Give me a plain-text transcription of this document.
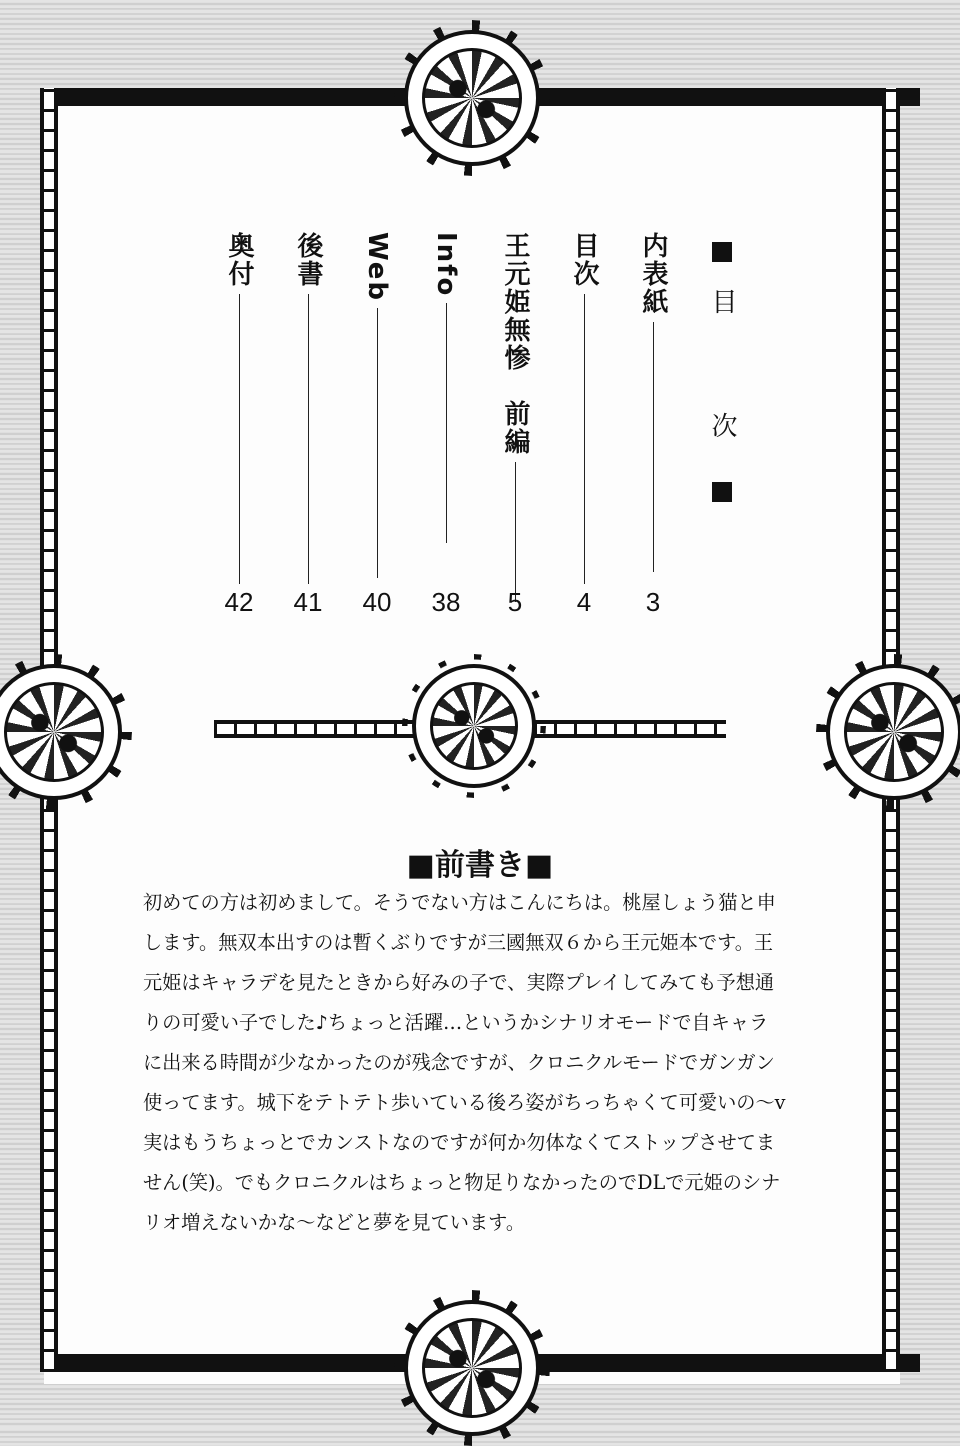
目　次
内表紙
3
目次
4
王元姫無惨　前編
5
Info
38
Web
40
後書
41
奥付
42
■前書き■
初めての方は初めまして。そうでない方はこんにちは。桃屋しょう猫と申
します。無双本出すのは暫くぶりですが三國無双６から王元姫本です。王
元姫はキャラデを見たときから好みの子で、実際プレイしてみても予想通
りの可愛い子でした♪ちょっと活躍…というかシナリオモードで自キャラ
に出来る時間が少なかったのが残念ですが、クロニクルモードでガンガン
使ってます。城下をテトテト歩いている後ろ姿がちっちゃくて可愛いの～v
実はもうちょっとでカンストなのですが何か勿体なくてストップさせてま
せん(笑)。でもクロニクルはちょっと物足りなかったのでDLで元姫のシナ
リオ増えないかな～などと夢を見ています。
